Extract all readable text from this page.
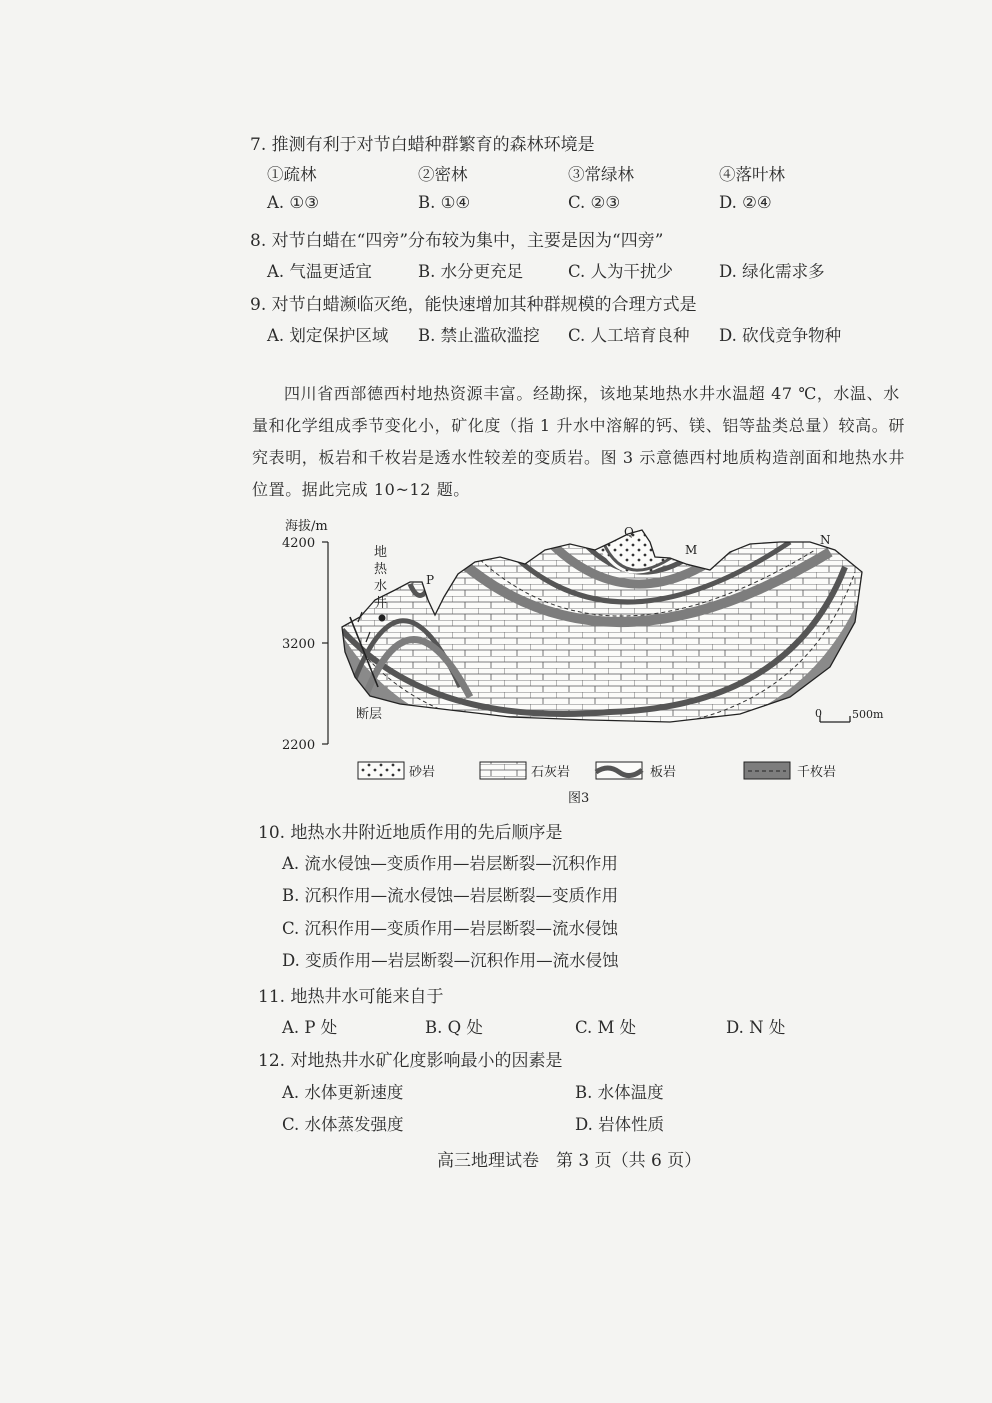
7. 推测有利于对节白蜡种群繁育的森林环境是
①疏林	②密林	③常绿林	④落叶林
A. ①③	B. ①④	C. ②③	D. ②④
8. 对节白蜡在“四旁”分布较为集中，主要是因为“四旁”
A. 气温更适宜	B. 水分更充足	C. 人为干扰少	D. 绿化需求多
9. 对节白蜡濒临灭绝，能快速增加其种群规模的合理方式是
A. 划定保护区域 B. 禁止滥砍滥挖 C. 人工培育良种 D. 砍伐竞争物种
四川省西部德西村地热资源丰富。经勘探，该地某地热水井水温超 47 ℃，水温、水量和化学组成季节变化小，矿化度（指 1 升水中溶解的钙、镁、铝等盐类总量）较高。研究表明，板岩和千枚岩是透水性较差的变质岩。图 3 示意德西村地质构造剖面和地热水井位置。据此完成 10~12 题。
海拔/m
4200
3200
2200
断层
地
热
水
井
P
Q
M
N
0	500m
砂岩	石灰岩	板岩	千枚岩
图3
10. 地热水井附近地质作用的先后顺序是
A. 流水侵蚀—变质作用—岩层断裂—沉积作用
B. 沉积作用—流水侵蚀—岩层断裂—变质作用
C. 沉积作用—变质作用—岩层断裂—流水侵蚀
D. 变质作用—岩层断裂—沉积作用—流水侵蚀
11. 地热井水可能来自于
A. P 处	B. Q 处	C. M 处	D. N 处
12. 对地热井水矿化度影响最小的因素是
A. 水体更新速度	B. 水体温度
C. 水体蒸发强度	D. 岩体性质
高三地理试卷　第 3 页（共 6 页）
